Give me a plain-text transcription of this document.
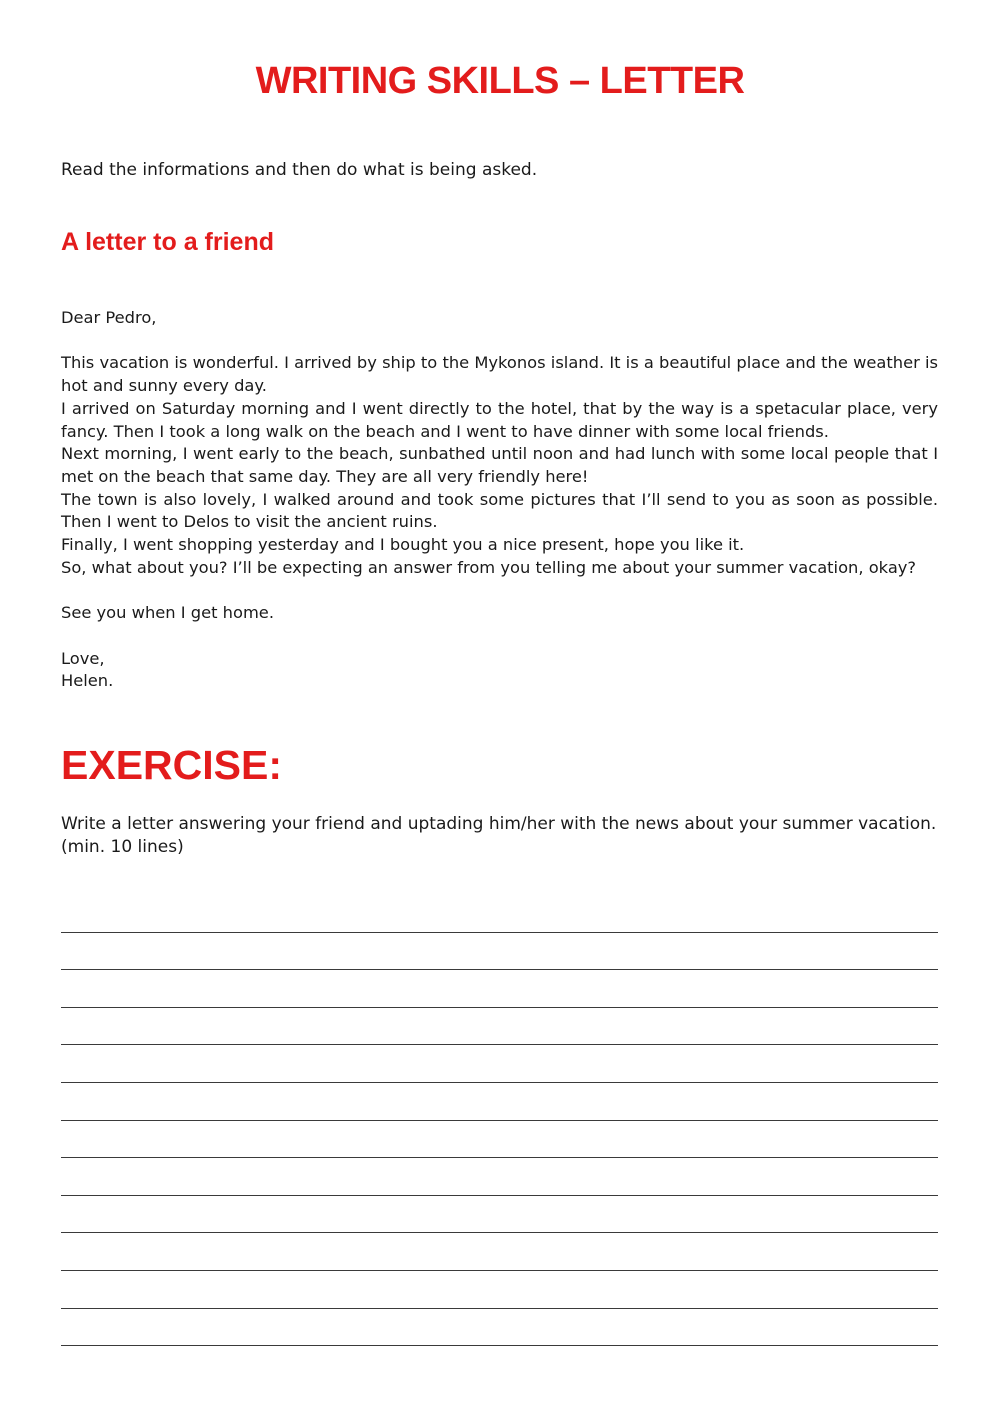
WRITING SKILLS – LETTER

Read the informations and then do what is being asked.

A letter to a friend

Dear Pedro,

This vacation is wonderful. I arrived by ship to the Mykonos island. It is a beautiful place and the weather is hot and sunny every day.

I arrived on Saturday morning and I went directly to the hotel, that by the way is a spetacular place, very fancy. Then I took a long walk on the beach and I went to have dinner with some local friends.

Next morning, I went early to the beach, sunbathed until noon and had lunch with some local people that I met on the beach that same day. They are all very friendly here!

The town is also lovely, I walked around and took some pictures that I’ll send to you as soon as possible. Then I went to Delos to visit the ancient ruins.

Finally, I went shopping yesterday and I bought you a nice present, hope you like it.

So, what about you? I’ll be expecting an answer from you telling me about your summer vacation, okay?

See you when I get home.

Love,

Helen.

EXERCISE:

Write a letter answering your friend and uptading him/her with the news about your summer vacation. (min. 10 lines)
